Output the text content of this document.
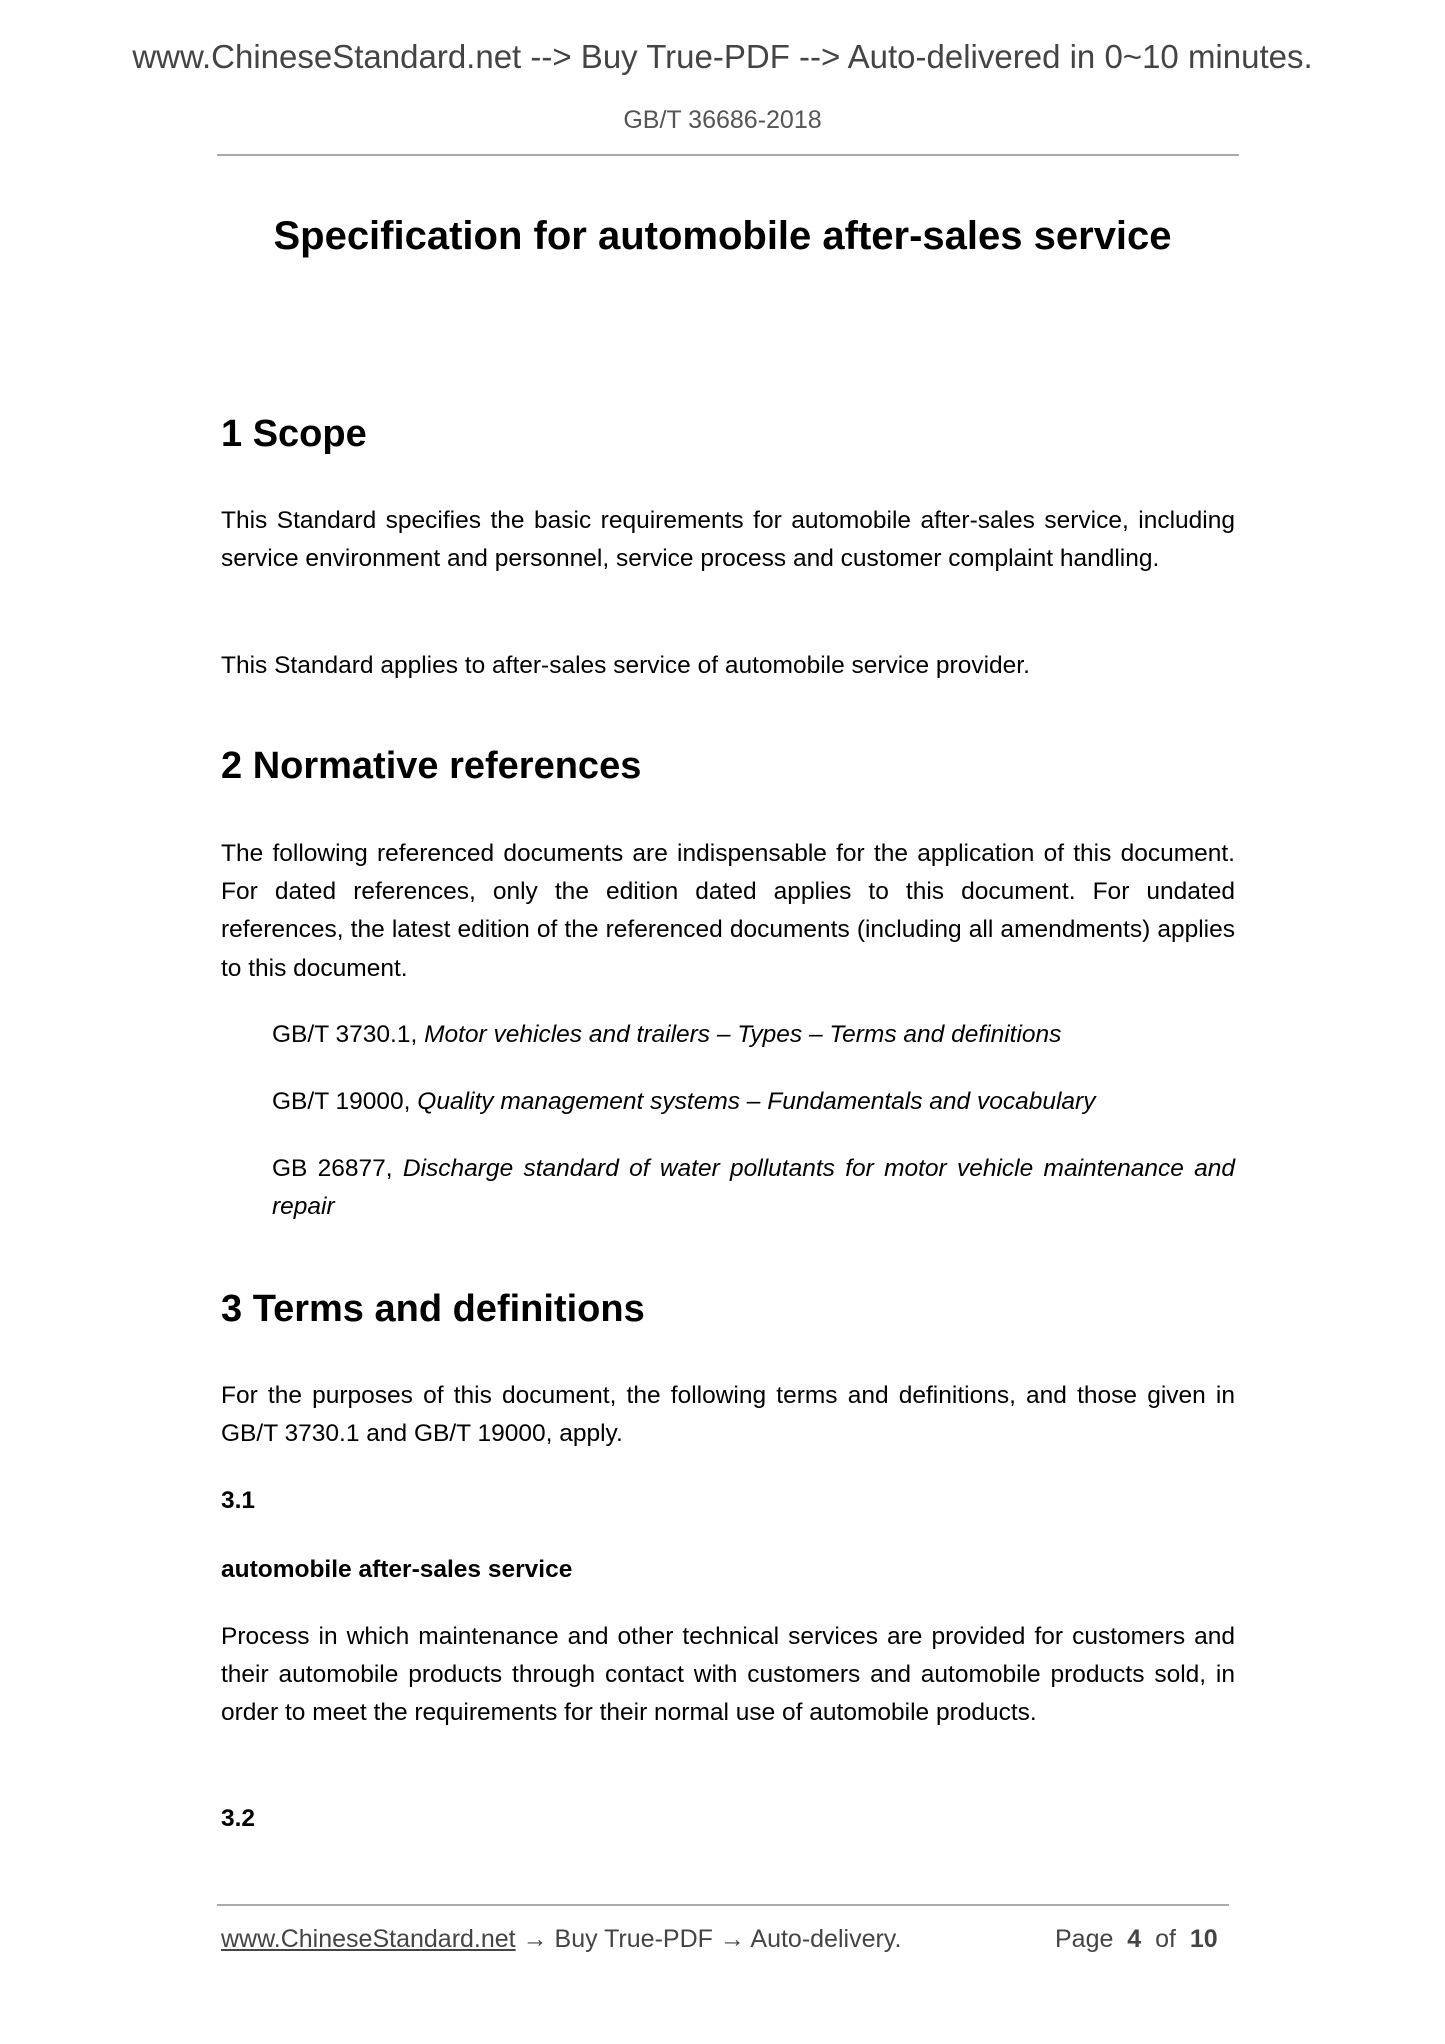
www.ChineseStandard.net --> Buy True-PDF --> Auto-delivered in 0~10 minutes.
GB/T 36686-2018
Specification for automobile after-sales service
1 Scope
This Standard specifies the basic requirements for automobile after-sales service, including service environment and personnel, service process and customer complaint handling.
This Standard applies to after-sales service of automobile service provider.
2 Normative references
The following referenced documents are indispensable for the application of this document. For dated references, only the edition dated applies to this document. For undated references, the latest edition of the referenced documents (including all amendments) applies to this document.
GB/T 3730.1, Motor vehicles and trailers – Types – Terms and definitions
GB/T 19000, Quality management systems – Fundamentals and vocabulary
GB 26877, Discharge standard of water pollutants for motor vehicle maintenance and repair
3 Terms and definitions
For the purposes of this document, the following terms and definitions, and those given in GB/T 3730.1 and GB/T 19000, apply.
3.1
automobile after-sales service
Process in which maintenance and other technical services are provided for customers and their automobile products through contact with customers and automobile products sold, in order to meet the requirements for their normal use of automobile products.
3.2
www.ChineseStandard.net → Buy True-PDF → Auto-delivery.	Page 4 of 10
